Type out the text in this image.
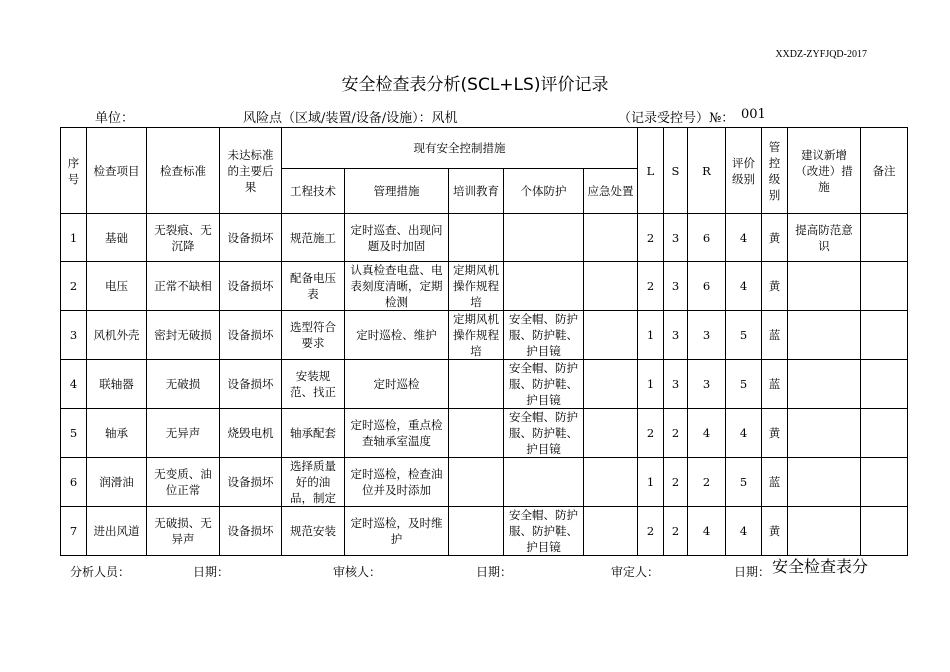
XXDZ-ZYFJQD-2017
安全检查表分析(SCL+LS)评价记录
单位：	风险点（区域/装置/设备/设施）：风机	（记录受控号）№： 001
序号	检查项目	检查标准	未达标准的主要后果	现有安全控制措施					L	S	R	评价级别	管控级别	建议新增（改进）措施	备注
				工程技术	管理措施	培训教育	个体防护	应急处置							
1	基础	无裂痕、无沉降	设备损坏	规范施工	定时巡查、出现问题及时加固				2	3	6	4	黄	提高防范意识	
2	电压	正常不缺相	设备损坏	配备电压表	认真检查电盘、电表刻度清晰，定期检测	定期风机操作规程培			2	3	6	4	黄		
3	风机外壳	密封无破损	设备损坏	选型符合要求	定时巡检、维护	定期风机操作规程培	安全帽、防护服、防护鞋、护目镜		1	3	3	5	蓝		
4	联轴器	无破损	设备损坏	安装规范、找正	定时巡检		安全帽、防护服、防护鞋、护目镜		1	3	3	5	蓝		
5	轴承	无异声	烧毁电机	轴承配套	定时巡检，重点检查轴承室温度		安全帽、防护服、防护鞋、护目镜		2	2	4	4	黄		
6	润滑油	无变质、油位正常	设备损坏	选择质量好的油品，制定	定时巡检，检查油位并及时添加				1	2	2	5	蓝		
7	进出风道	无破损、无异声	设备损坏	规范安装	定时巡检，及时维护		安全帽、防护服、防护鞋、护目镜		2	2	4	4	黄		
分析人员：	日期：	审核人：	日期：	审定人：	日期： 安全检查表分
